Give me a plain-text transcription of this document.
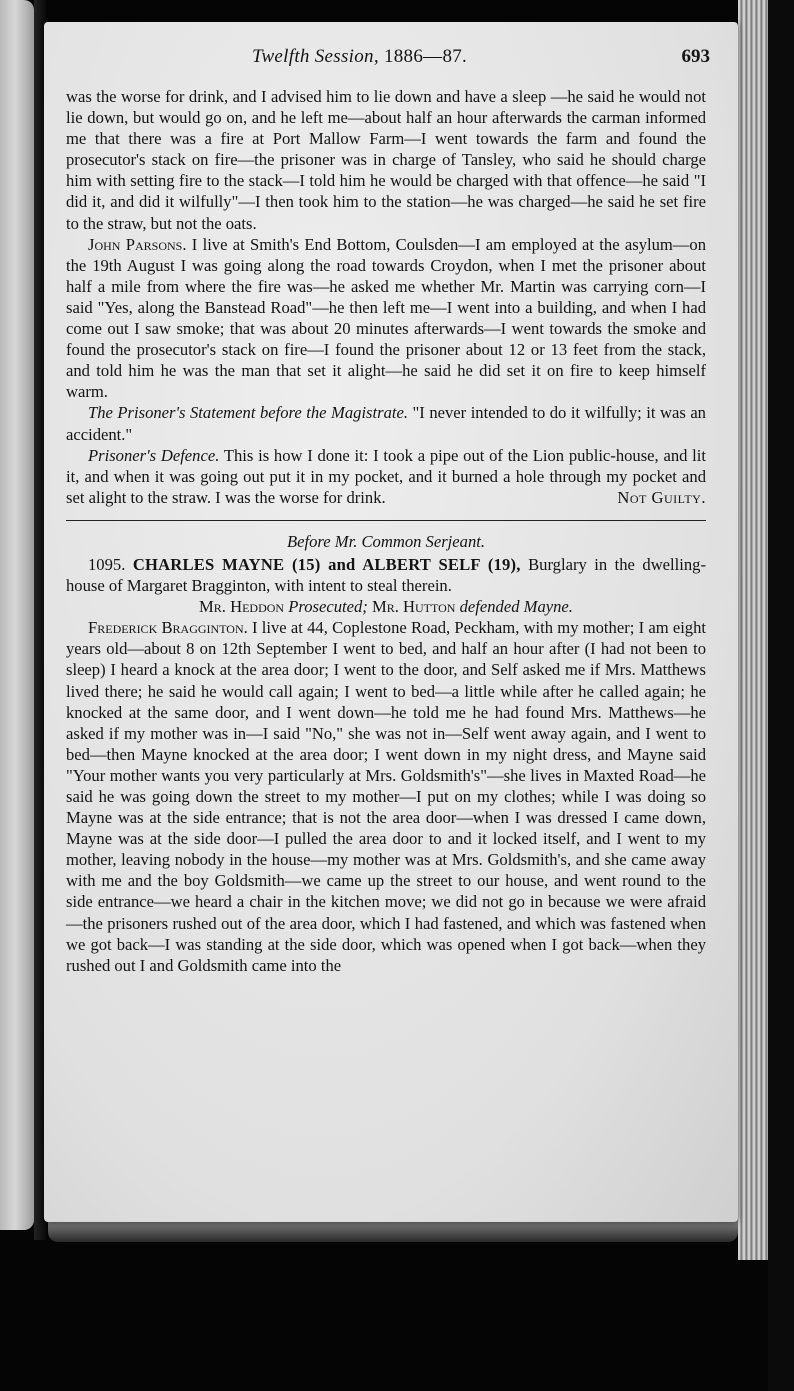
Twelfth Session, 1886—87.	693

was the worse for drink, and I advised him to lie down and have a sleep —he said he would not lie down, but would go on, and he left me—about half an hour afterwards the carman informed me that there was a fire at Port Mallow Farm—I went towards the farm and found the prosecutor's stack on fire—the prisoner was in charge of Tansley, who said he should charge him with setting fire to the stack—I told him he would be charged with that offence—he said "I did it, and did it wilfully"—I then took him to the station—he was charged—he said he set fire to the straw, but not the oats.

John Parsons. I live at Smith's End Bottom, Coulsden—I am employed at the asylum—on the 19th August I was going along the road towards Croydon, when I met the prisoner about half a mile from where the fire was—he asked me whether Mr. Martin was carrying corn—I said "Yes, along the Banstead Road"—he then left me—I went into a building, and when I had come out I saw smoke; that was about 20 minutes afterwards—I went towards the smoke and found the prosecutor's stack on fire—I found the prisoner about 12 or 13 feet from the stack, and told him he was the man that set it alight—he said he did set it on fire to keep himself warm.

The Prisoner's Statement before the Magistrate. "I never intended to do it wilfully; it was an accident."

Prisoner's Defence. This is how I done it: I took a pipe out of the Lion public-house, and lit it, and when it was going out put it in my pocket, and it burned a hole through my pocket and set alight to the straw. I was the worse for drink.	Not Guilty.

Before Mr. Common Serjeant.

1095. CHARLES MAYNE (15) and ALBERT SELF (19), Burglary in the dwelling-house of Margaret Bragginton, with intent to steal therein.

Mr. Heddon Prosecuted; Mr. Hutton defended Mayne.

Frederick Bragginton. I live at 44, Coplestone Road, Peckham, with my mother; I am eight years old—about 8 on 12th September I went to bed, and half an hour after (I had not been to sleep) I heard a knock at the area door; I went to the door, and Self asked me if Mrs. Matthews lived there; he said he would call again; I went to bed—a little while after he called again; he knocked at the same door, and I went down—he told me he had found Mrs. Matthews—he asked if my mother was in—I said "No," she was not in—Self went away again, and I went to bed—then Mayne knocked at the area door; I went down in my night dress, and Mayne said "Your mother wants you very particularly at Mrs. Goldsmith's"—she lives in Maxted Road—he said he was going down the street to my mother—I put on my clothes; while I was doing so Mayne was at the side entrance; that is not the area door—when I was dressed I came down, Mayne was at the side door—I pulled the area door to and it locked itself, and I went to my mother, leaving nobody in the house—my mother was at Mrs. Goldsmith's, and she came away with me and the boy Goldsmith—we came up the street to our house, and went round to the side entrance—we heard a chair in the kitchen move; we did not go in because we were afraid—the prisoners rushed out of the area door, which I had fastened, and which was fastened when we got back—I was standing at the side door, which was opened when I got back—when they rushed out I and Goldsmith came into the
